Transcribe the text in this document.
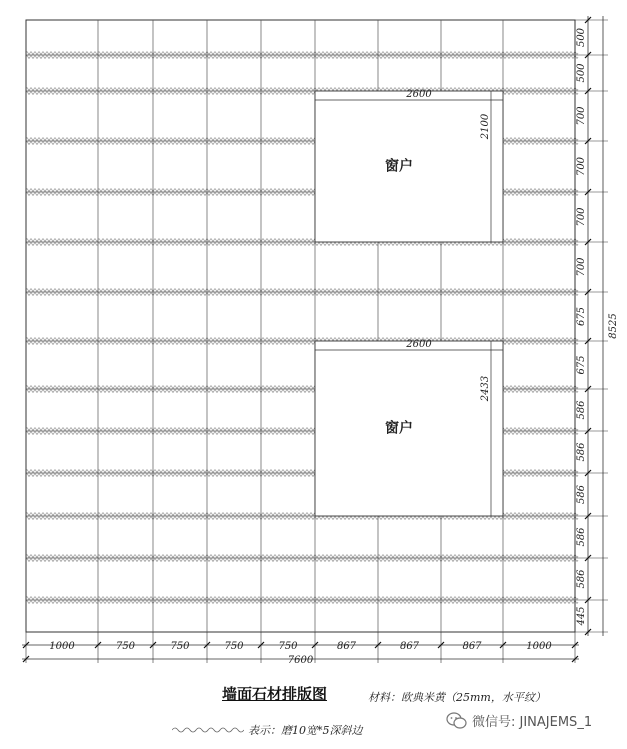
窗户
2600
2100
窗户
2600
2433
500
500
700
700
700
700
675
675
586
586
586
586
586
445
8525
1000	750	750	750	750	867	867	867	1000
7600
墙面石材排版图	材料：欧典米黄（25mm，水平纹）
表示：磨10宽*5深斜边
微信号: JINAJEMS_1
